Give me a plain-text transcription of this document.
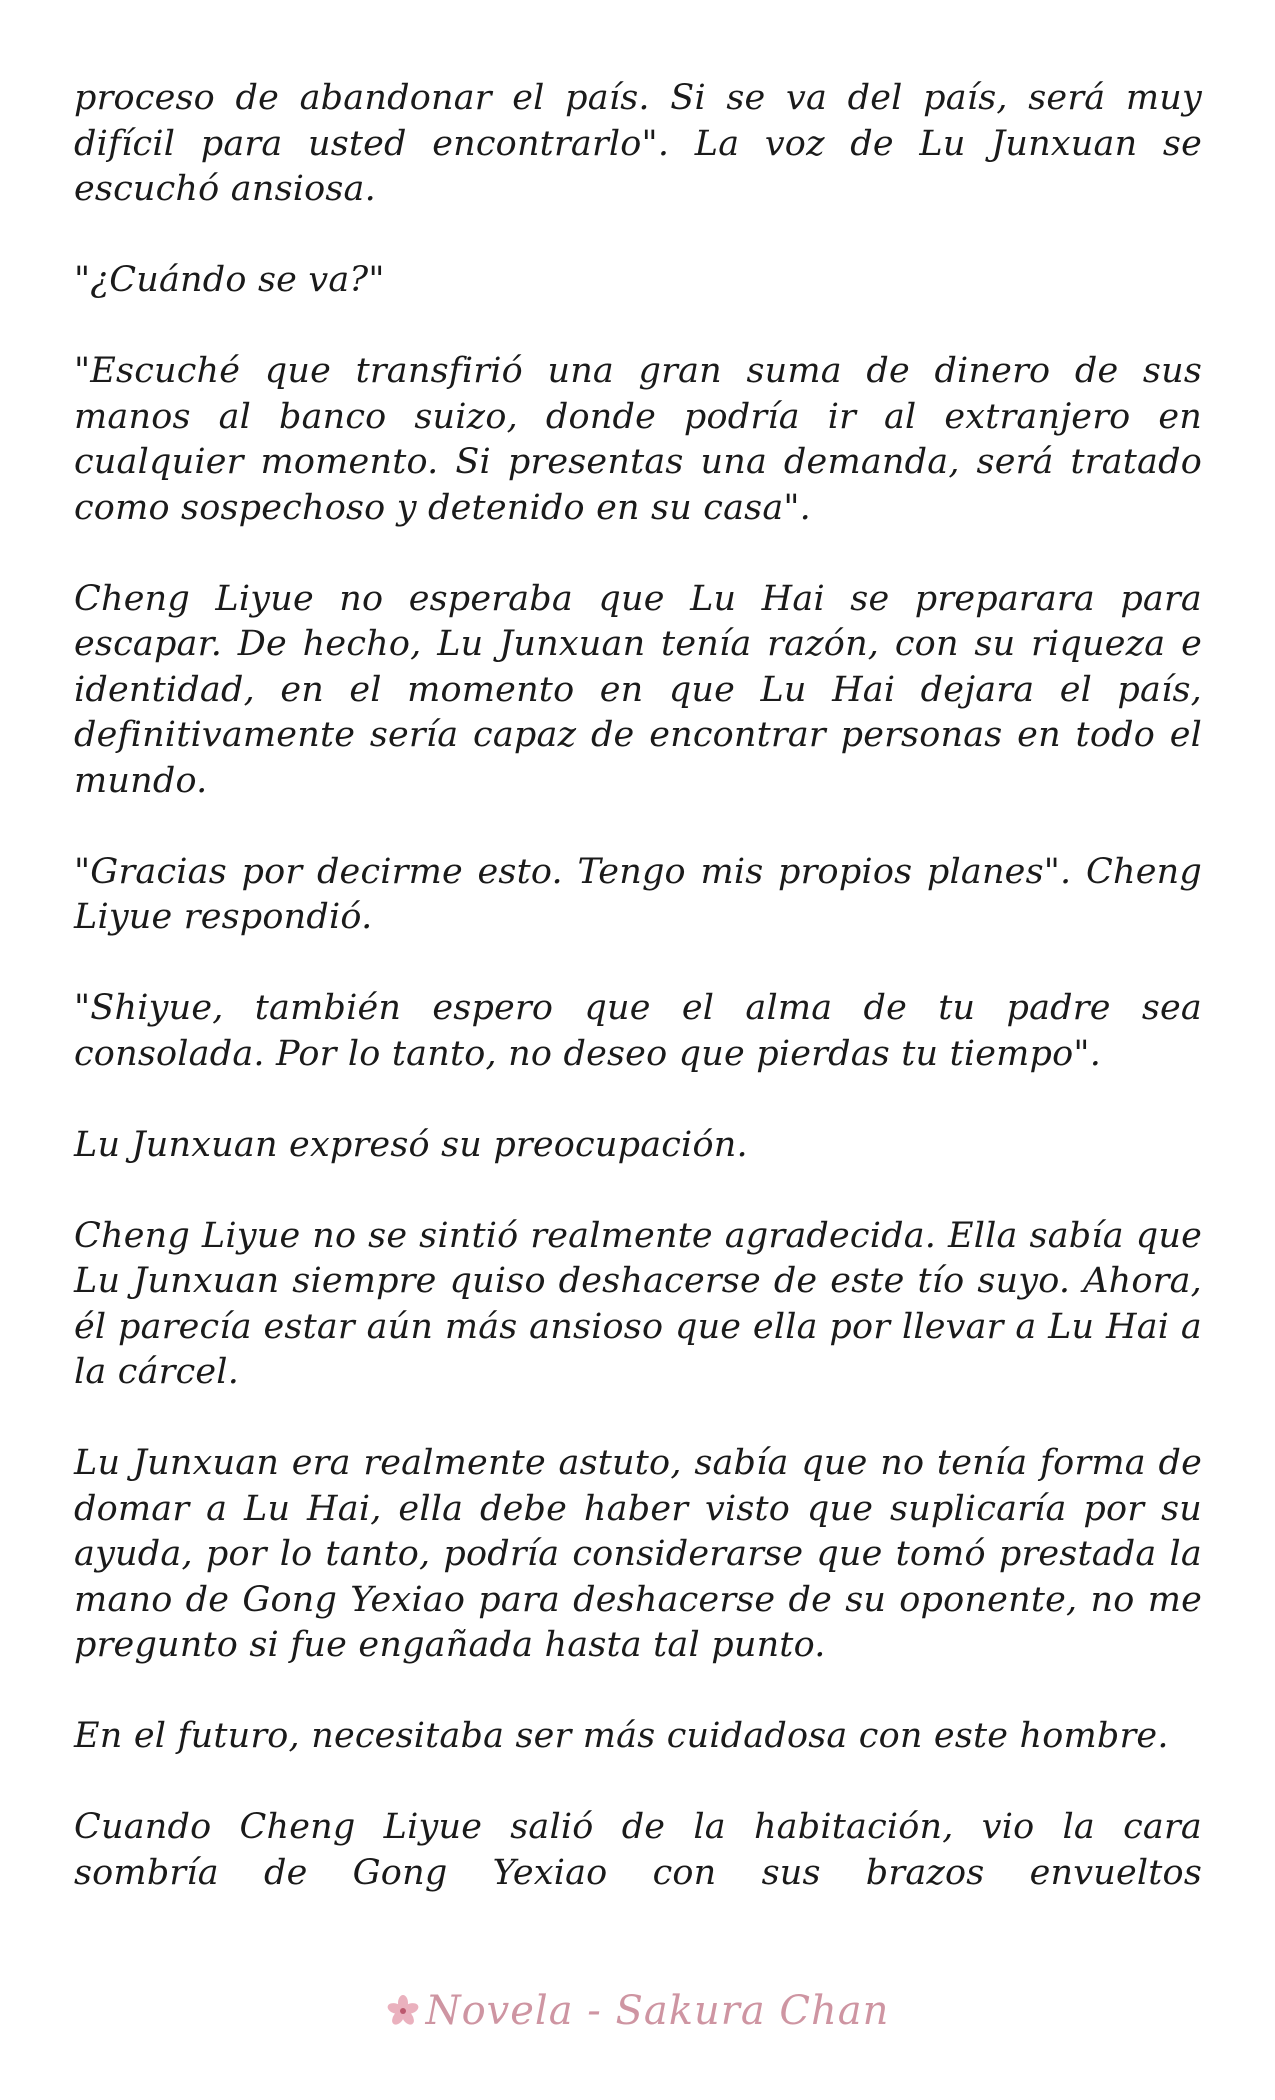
proceso de abandonar el país. Si se va del país, será muy difícil para usted encontrarlo". La voz de Lu Junxuan se escuchó ansiosa.

"¿Cuándo se va?"

"Escuché que transfirió una gran suma de dinero de sus manos al banco suizo, donde podría ir al extranjero en cualquier momento. Si presentas una demanda, será tratado como sospechoso y detenido en su casa".

Cheng Liyue no esperaba que Lu Hai se preparara para escapar. De hecho, Lu Junxuan tenía razón, con su riqueza e identidad, en el momento en que Lu Hai dejara el país, definitivamente sería capaz de encontrar personas en todo el mundo.

"Gracias por decirme esto. Tengo mis propios planes". Cheng Liyue respondió.

"Shiyue, también espero que el alma de tu padre sea consolada. Por lo tanto, no deseo que pierdas tu tiempo".

Lu Junxuan expresó su preocupación.

Cheng Liyue no se sintió realmente agradecida. Ella sabía que Lu Junxuan siempre quiso deshacerse de este tío suyo. Ahora, él parecía estar aún más ansioso que ella por llevar a Lu Hai a la cárcel.

Lu Junxuan era realmente astuto, sabía que no tenía forma de domar a Lu Hai, ella debe haber visto que suplicaría por su ayuda, por lo tanto, podría considerarse que tomó prestada la mano de Gong Yexiao para deshacerse de su oponente, no me pregunto si fue engañada hasta tal punto.

En el futuro, necesitaba ser más cuidadosa con este hombre.

Cuando Cheng Liyue salió de la habitación, vio la cara sombría de Gong Yexiao con sus brazos envueltos

Novela - Sakura Chan
